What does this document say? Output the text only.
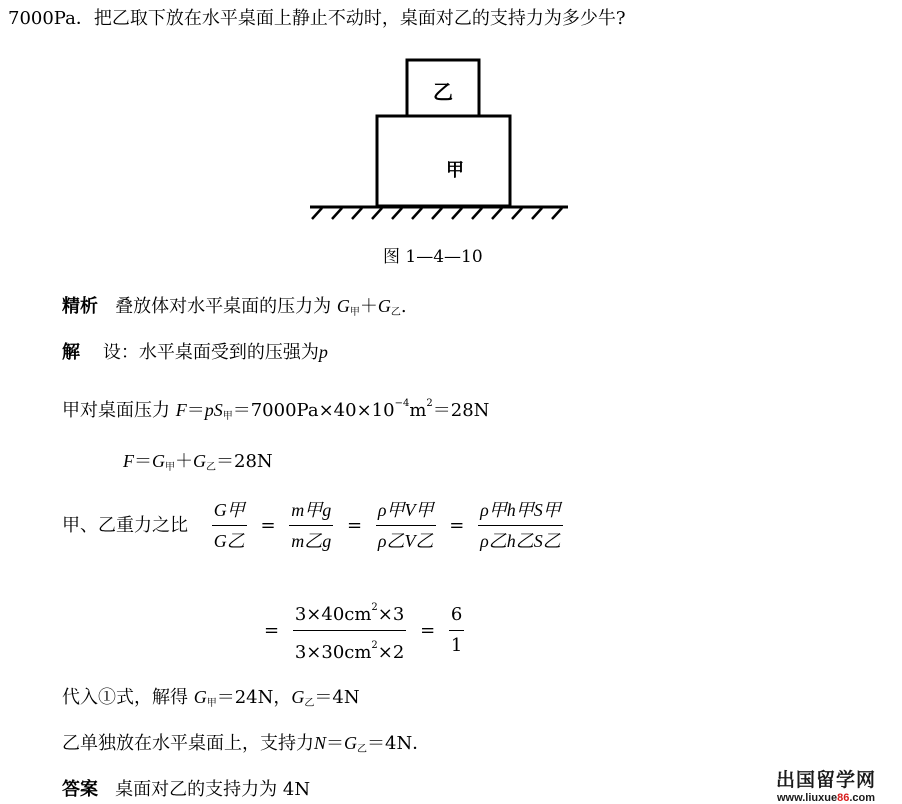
7000Pa．把乙取下放在水平桌面上静止不动时，桌面对乙的支持力为多少牛?
乙
甲
图 1—4—10
精析 叠放体对水平桌面的压力为 $G_甲+G_乙$.
解 设：水平桌面受到的压强为p
甲对桌面压力 $F=pS_甲=7000Pa\times 40\times 10^{-4}m^2=28N$
$F=G_甲+G_乙=28N$
甲、乙重力之比 $\frac{\text{G甲}}{\text{G乙}} = \frac{\text{m甲g}}{\text{m乙g}} = \frac{\text{ρ甲V甲}}{\text{ρ乙V乙}} = \frac{\text{ρ甲h甲S甲}}{\text{ρ乙h乙S乙}}$
= $\frac{3\times 40cm^2\times 3}{3\times 30cm^2\times 2} = \frac{6}{1}$
代入①式，解得 $G_甲=24N$，$G_乙=4N$
乙单独放在水平桌面上，支持力$N=G_乙=4N$．
答案 桌面对乙的支持力为 4N	出国留学网
www.liuxue86.com
